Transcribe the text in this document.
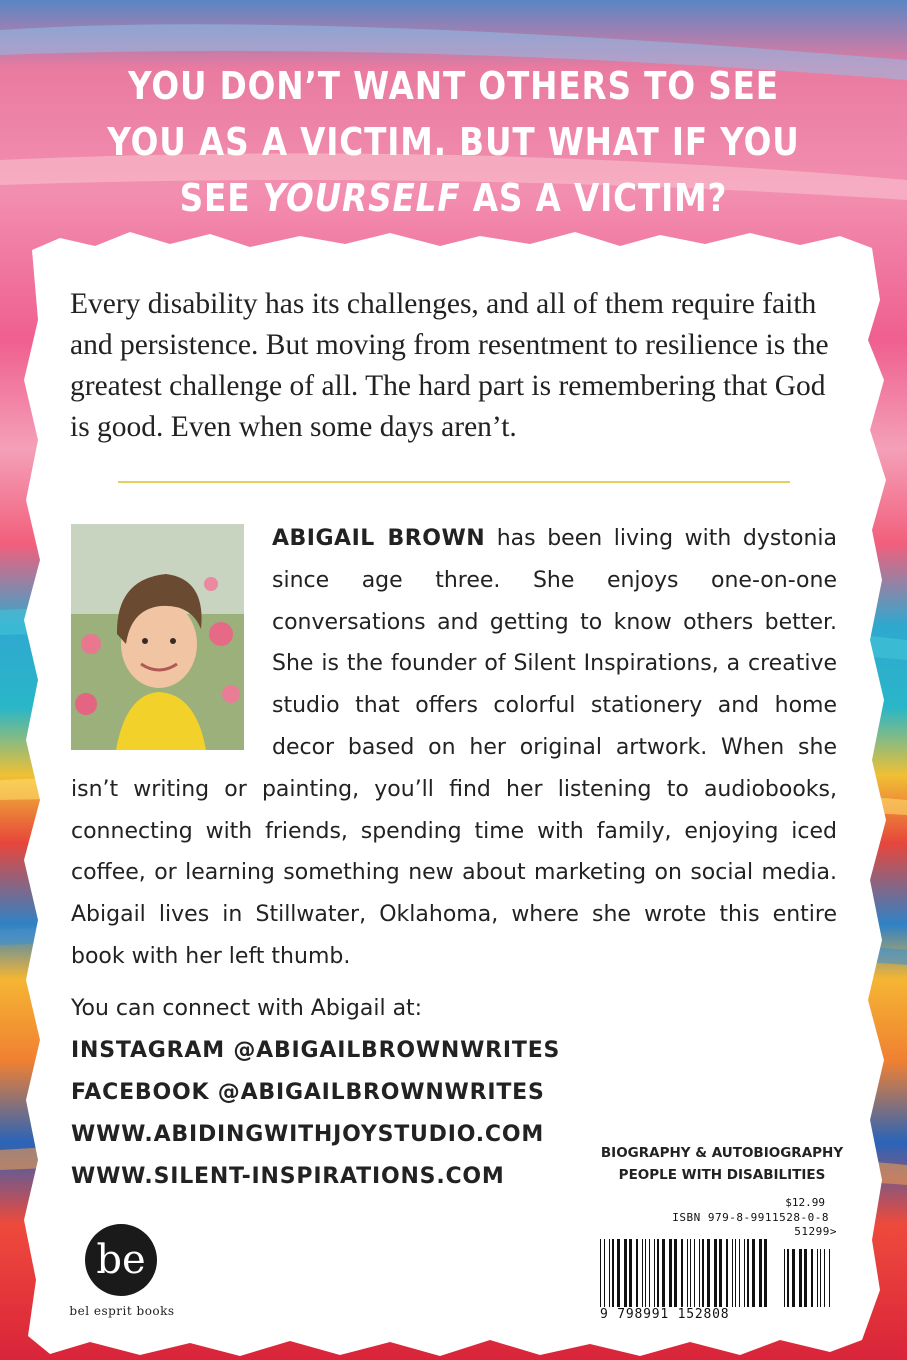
YOU DON’T WANT OTHERS TO SEE
YOU AS A VICTIM. BUT WHAT IF YOU
SEE YOURSELF AS A VICTIM?
Every disability has its challenges, and all of them require faith and persistence. But moving from resentment to resilience is the greatest challenge of all. The hard part is remembering that God is good. Even when some days aren’t.
ABIGAIL BROWN has been living with dystonia since age three. She enjoys one-on-one conversations and getting to know others better. She is the founder of Silent Inspirations, a creative studio that offers colorful stationery and home decor based on her original artwork. When she isn’t writing or painting, you’ll find her listening to audiobooks, connecting with friends, spending time with family, enjoying iced coffee, or learning something new about marketing on social media. Abigail lives in Stillwater, Oklahoma, where she wrote this entire book with her left thumb.
You can connect with Abigail at:
INSTAGRAM @ABIGAILBROWNWRITES
FACEBOOK @ABIGAILBROWNWRITES
WWW.ABIDINGWITHJOYSTUDIO.COM
WWW.SILENT-INSPIRATIONS.COM
BIOGRAPHY & AUTOBIOGRAPHY
PEOPLE WITH DISABILITIES
$12.99
ISBN 979-8-9911528-0-8
51299>
9 798991 152808
be
bel esprit books
